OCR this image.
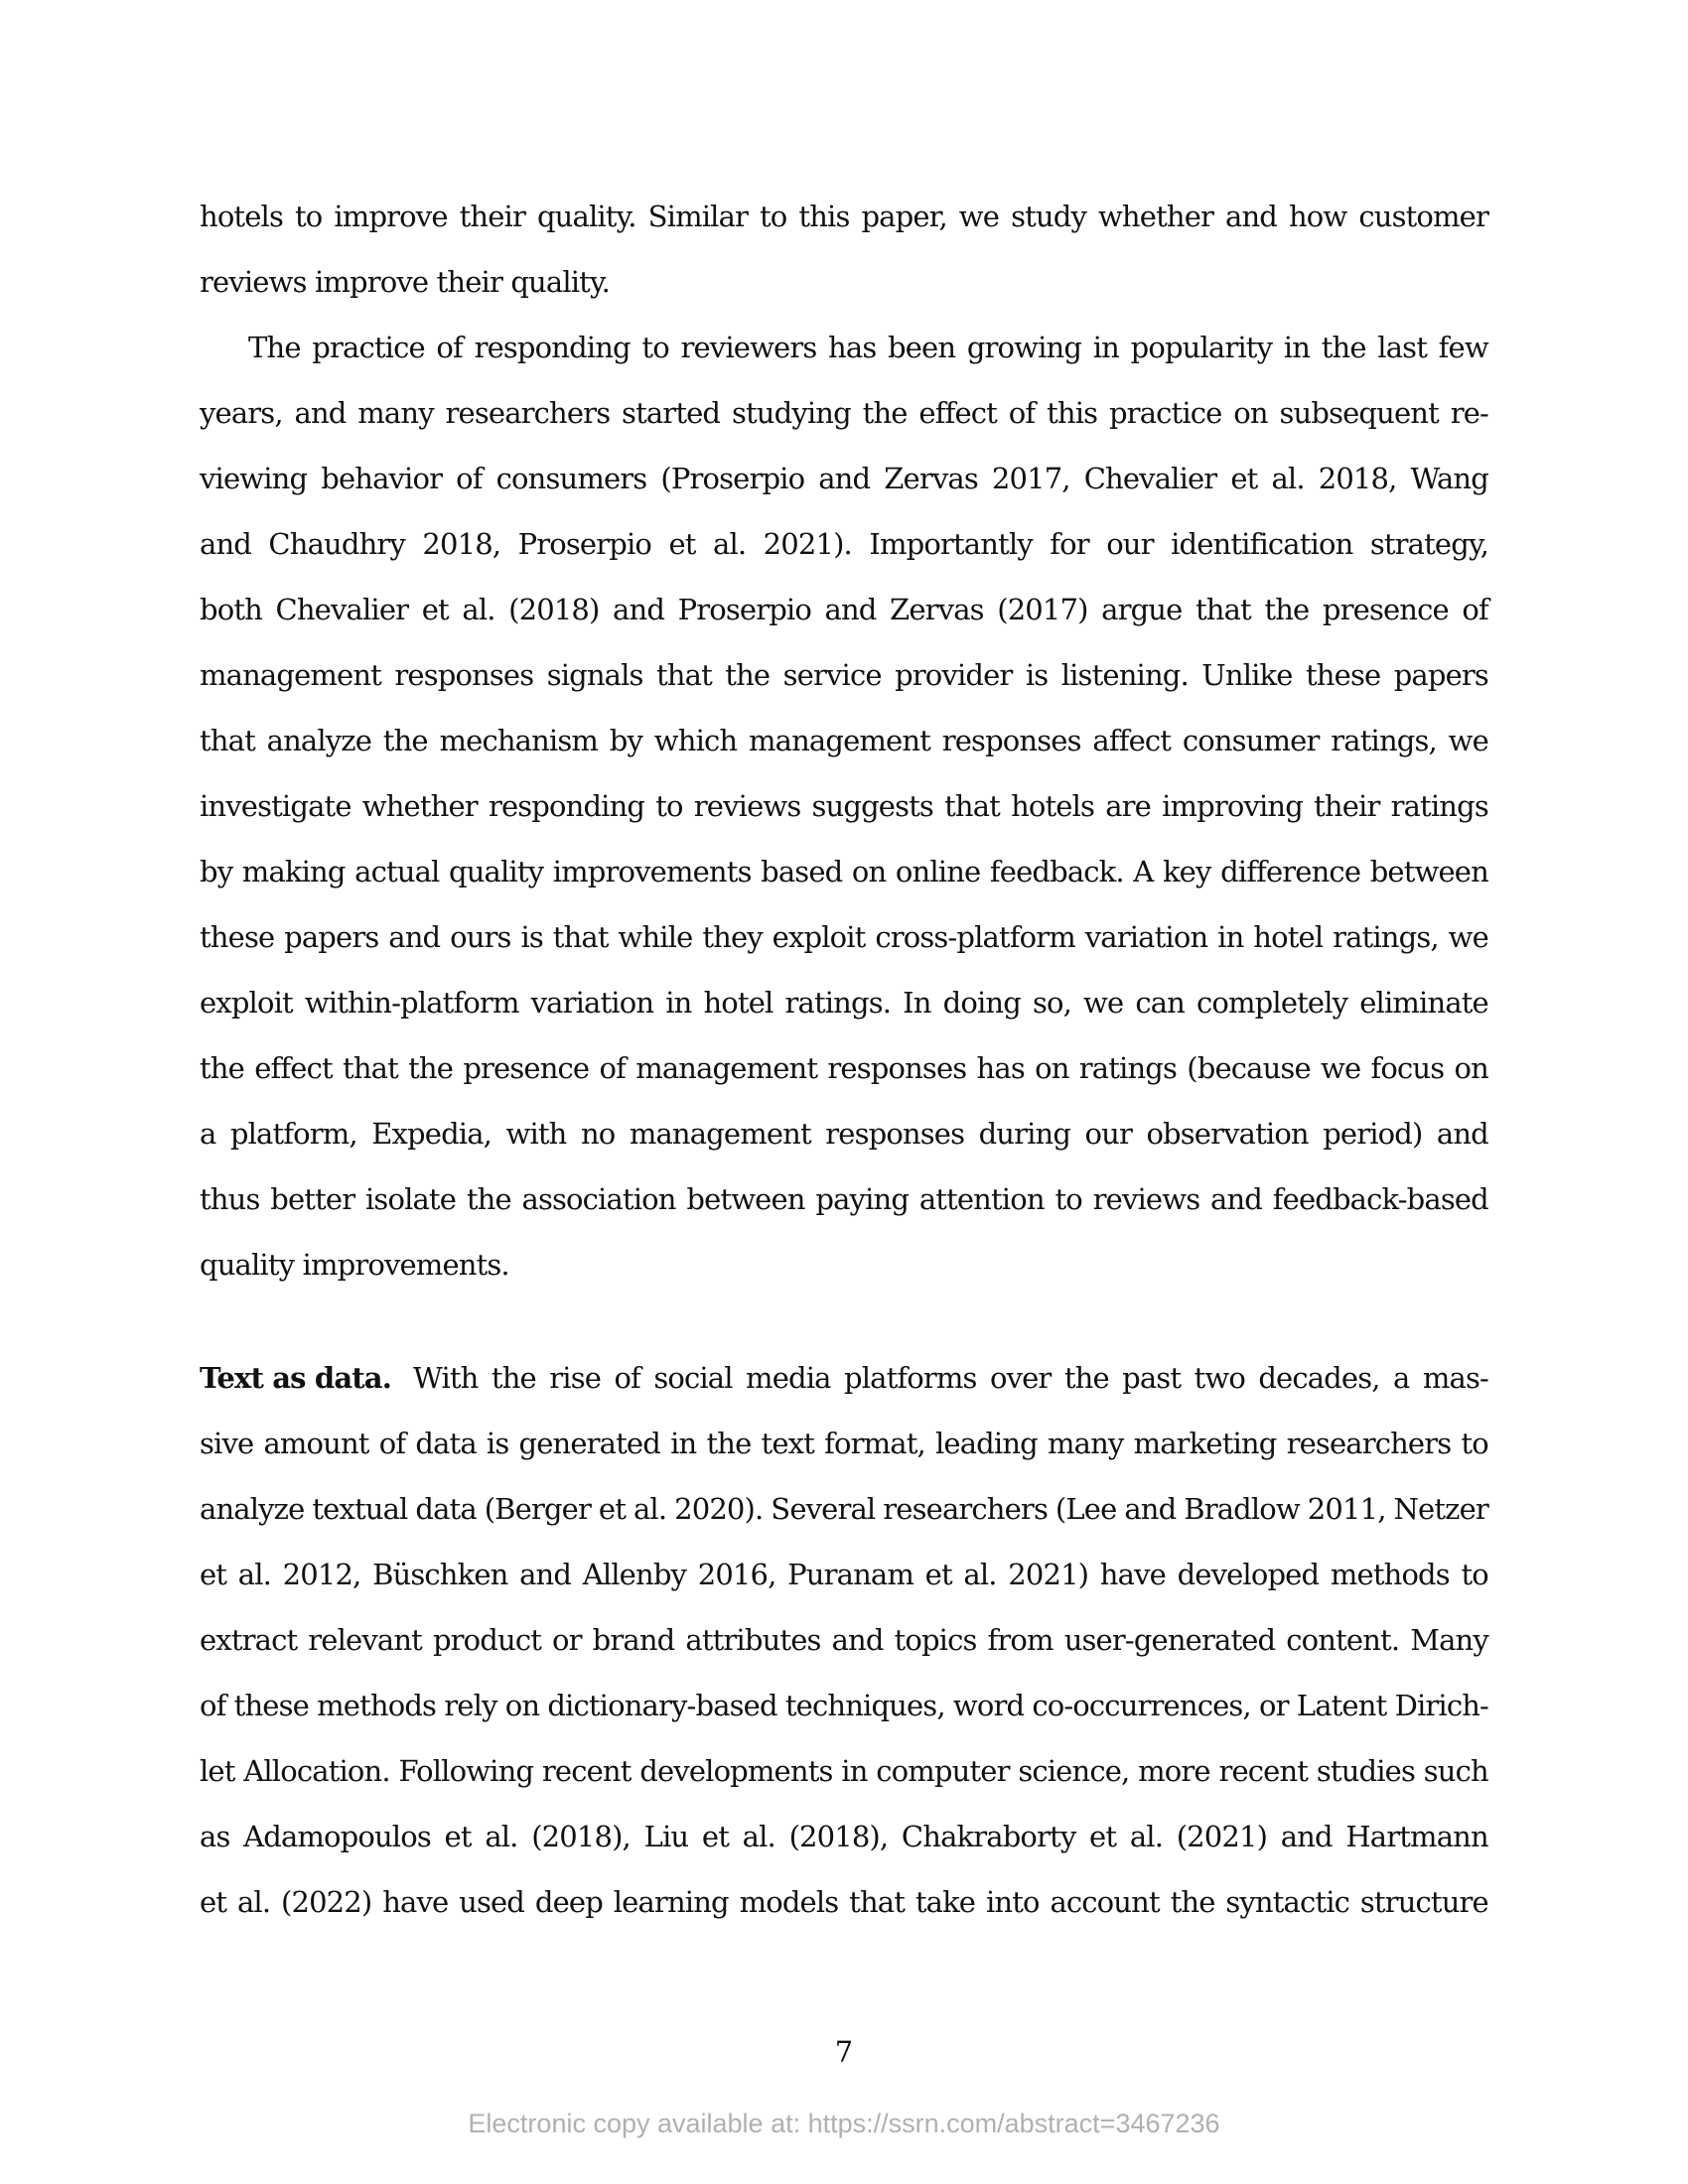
hotels to improve their quality. Similar to this paper, we study whether and how customer
reviews improve their quality.
The practice of responding to reviewers has been growing in popularity in the last few
years, and many researchers started studying the effect of this practice on subsequent re-
viewing behavior of consumers (Proserpio and Zervas 2017, Chevalier et al. 2018, Wang
and Chaudhry 2018, Proserpio et al. 2021). Importantly for our identification strategy,
both Chevalier et al. (2018) and Proserpio and Zervas (2017) argue that the presence of
management responses signals that the service provider is listening. Unlike these papers
that analyze the mechanism by which management responses affect consumer ratings, we
investigate whether responding to reviews suggests that hotels are improving their ratings
by making actual quality improvements based on online feedback. A key difference between
these papers and ours is that while they exploit cross-platform variation in hotel ratings, we
exploit within-platform variation in hotel ratings. In doing so, we can completely eliminate
the effect that the presence of management responses has on ratings (because we focus on
a platform, Expedia, with no management responses during our observation period) and
thus better isolate the association between paying attention to reviews and feedback-based
quality improvements.
Text as data. With the rise of social media platforms over the past two decades, a mas-
sive amount of data is generated in the text format, leading many marketing researchers to
analyze textual data (Berger et al. 2020). Several researchers (Lee and Bradlow 2011, Netzer
et al. 2012, Büschken and Allenby 2016, Puranam et al. 2021) have developed methods to
extract relevant product or brand attributes and topics from user-generated content. Many
of these methods rely on dictionary-based techniques, word co-occurrences, or Latent Dirich-
let Allocation. Following recent developments in computer science, more recent studies such
as Adamopoulos et al. (2018), Liu et al. (2018), Chakraborty et al. (2021) and Hartmann
et al. (2022) have used deep learning models that take into account the syntactic structure
7
Electronic copy available at: https://ssrn.com/abstract=3467236
